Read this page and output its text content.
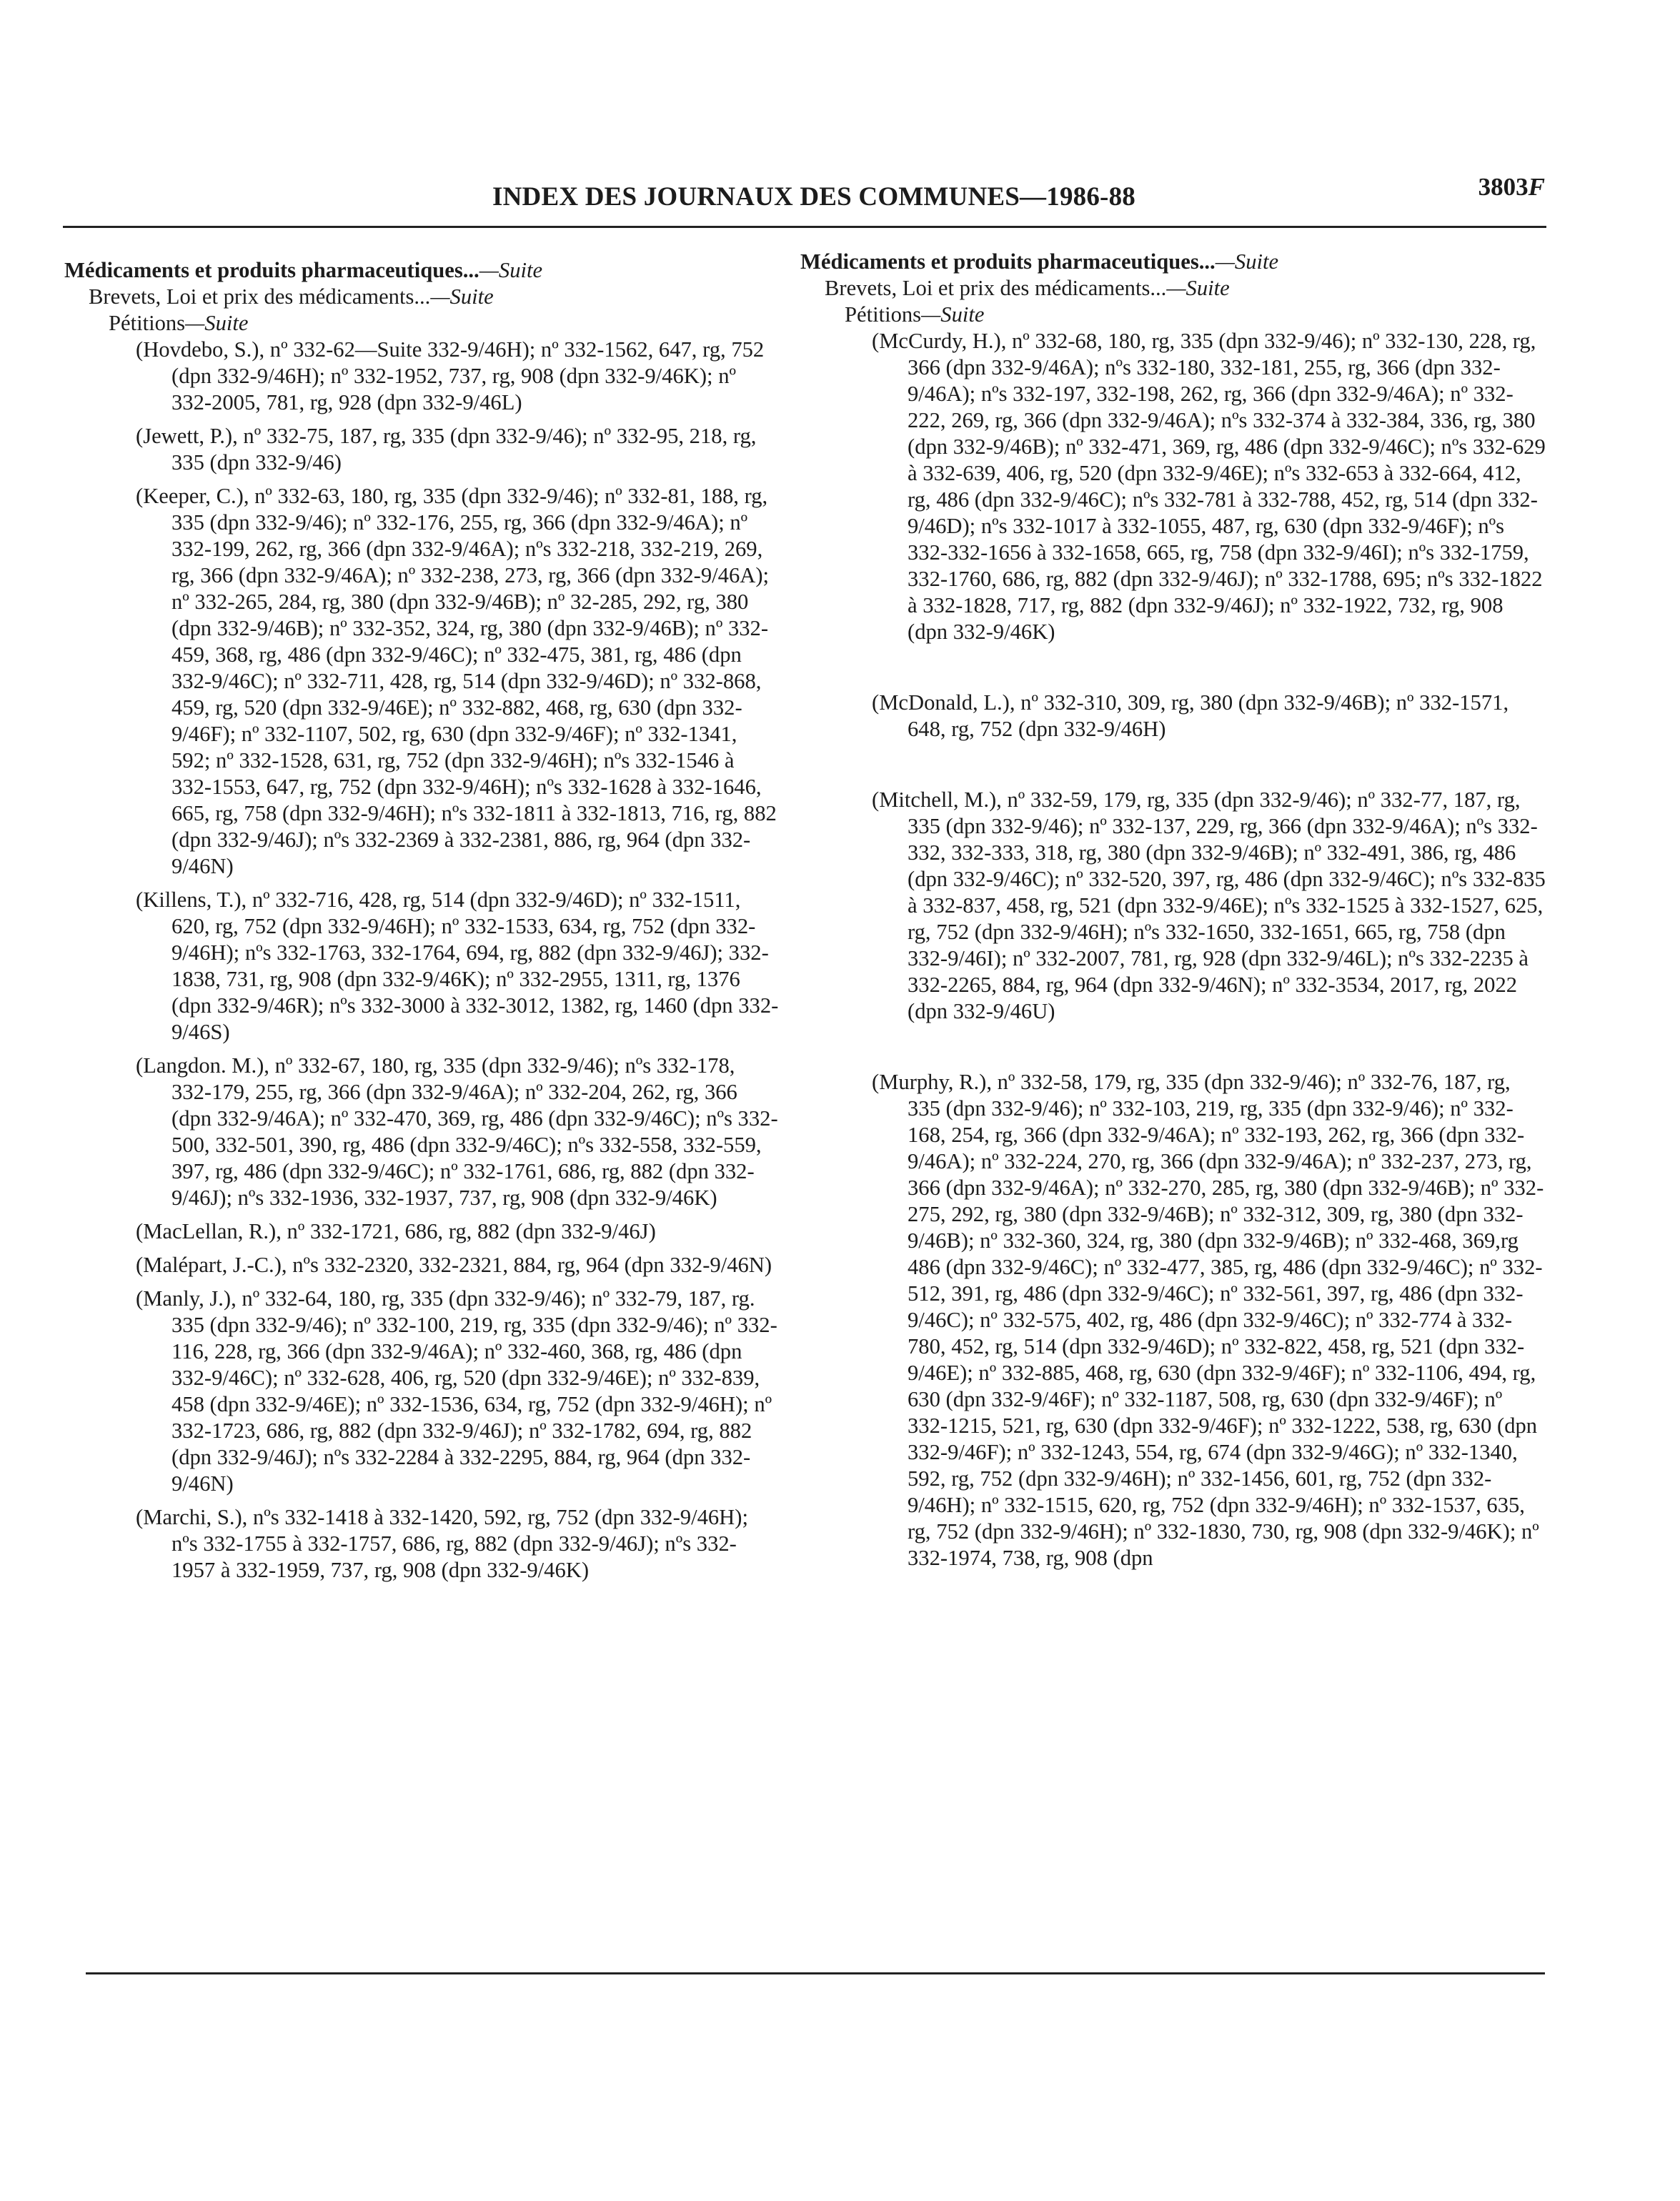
INDEX DES JOURNAUX DES COMMUNES—1986-88	3803F

Médicaments et produits pharmaceutiques...—Suite

Brevets, Loi et prix des médicaments...—Suite

Pétitions—Suite

(Hovdebo, S.), nº 332-62—Suite 332-9/46H); nº 332-1562, 647, rg, 752 (dpn 332-9/46H); nº 332-1952, 737, rg, 908 (dpn 332-9/46K); nº 332-2005, 781, rg, 928 (dpn 332-9/46L)

(Jewett, P.), nº 332-75, 187, rg, 335 (dpn 332-9/46); nº 332-95, 218, rg, 335 (dpn 332-9/46)

(Keeper, C.), nº 332-63, 180, rg, 335 (dpn 332-9/46); nº 332-81, 188, rg, 335 (dpn 332-9/46); nº 332-176, 255, rg, 366 (dpn 332-9/46A); nº 332-199, 262, rg, 366 (dpn 332-9/46A); nºs 332-218, 332-219, 269, rg, 366 (dpn 332-9/46A); nº 332-238, 273, rg, 366 (dpn 332-9/46A); nº 332-265, 284, rg, 380 (dpn 332-9/46B); nº 32-285, 292, rg, 380 (dpn 332-9/46B); nº 332-352, 324, rg, 380 (dpn 332-9/46B); nº 332-459, 368, rg, 486 (dpn 332-9/46C); nº 332-475, 381, rg, 486 (dpn 332-9/46C); nº 332-711, 428, rg, 514 (dpn 332-9/46D); nº 332-868, 459, rg, 520 (dpn 332-9/46E); nº 332-882, 468, rg, 630 (dpn 332-9/46F); nº 332-1107, 502, rg, 630 (dpn 332-9/46F); nº 332-1341, 592; nº 332-1528, 631, rg, 752 (dpn 332-9/46H); nºs 332-1546 à 332-1553, 647, rg, 752 (dpn 332-9/46H); nºs 332-1628 à 332-1646, 665, rg, 758 (dpn 332-9/46H); nºs 332-1811 à 332-1813, 716, rg, 882 (dpn 332-9/46J); nºs 332-2369 à 332-2381, 886, rg, 964 (dpn 332-9/46N)

(Killens, T.), nº 332-716, 428, rg, 514 (dpn 332-9/46D); nº 332-1511, 620, rg, 752 (dpn 332-9/46H); nº 332-1533, 634, rg, 752 (dpn 332-9/46H); nºs 332-1763, 332-1764, 694, rg, 882 (dpn 332-9/46J); 332-1838, 731, rg, 908 (dpn 332-9/46K); nº 332-2955, 1311, rg, 1376 (dpn 332-9/46R); nºs 332-3000 à 332-3012, 1382, rg, 1460 (dpn 332-9/46S)

(Langdon. M.), nº 332-67, 180, rg, 335 (dpn 332-9/46); nºs 332-178, 332-179, 255, rg, 366 (dpn 332-9/46A); nº 332-204, 262, rg, 366 (dpn 332-9/46A); nº 332-470, 369, rg, 486 (dpn 332-9/46C); nºs 332-500, 332-501, 390, rg, 486 (dpn 332-9/46C); nºs 332-558, 332-559, 397, rg, 486 (dpn 332-9/46C); nº 332-1761, 686, rg, 882 (dpn 332-9/46J); nºs 332-1936, 332-1937, 737, rg, 908 (dpn 332-9/46K)

(MacLellan, R.), nº 332-1721, 686, rg, 882 (dpn 332-9/46J)

(Malépart, J.-C.), nºs 332-2320, 332-2321, 884, rg, 964 (dpn 332-9/46N)

(Manly, J.), nº 332-64, 180, rg, 335 (dpn 332-9/46); nº 332-79, 187, rg. 335 (dpn 332-9/46); nº 332-100, 219, rg, 335 (dpn 332-9/46); nº 332-116, 228, rg, 366 (dpn 332-9/46A); nº 332-460, 368, rg, 486 (dpn 332-9/46C); nº 332-628, 406, rg, 520 (dpn 332-9/46E); nº 332-839, 458 (dpn 332-9/46E); nº 332-1536, 634, rg, 752 (dpn 332-9/46H); nº 332-1723, 686, rg, 882 (dpn 332-9/46J); nº 332-1782, 694, rg, 882 (dpn 332-9/46J); nºs 332-2284 à 332-2295, 884, rg, 964 (dpn 332-9/46N)

(Marchi, S.), nºs 332-1418 à 332-1420, 592, rg, 752 (dpn 332-9/46H); nºs 332-1755 à 332-1757, 686, rg, 882 (dpn 332-9/46J); nºs 332-1957 à 332-1959, 737, rg, 908 (dpn 332-9/46K)

Médicaments et produits pharmaceutiques...—Suite

Brevets, Loi et prix des médicaments...—Suite

Pétitions—Suite

(McCurdy, H.), nº 332-68, 180, rg, 335 (dpn 332-9/46); nº 332-130, 228, rg, 366 (dpn 332-9/46A); nºs 332-180, 332-181, 255, rg, 366 (dpn 332-9/46A); nºs 332-197, 332-198, 262, rg, 366 (dpn 332-9/46A); nº 332-222, 269, rg, 366 (dpn 332-9/46A); nºs 332-374 à 332-384, 336, rg, 380 (dpn 332-9/46B); nº 332-471, 369, rg, 486 (dpn 332-9/46C); nºs 332-629 à 332-639, 406, rg, 520 (dpn 332-9/46E); nºs 332-653 à 332-664, 412, rg, 486 (dpn 332-9/46C); nºs 332-781 à 332-788, 452, rg, 514 (dpn 332-9/46D); nºs 332-1017 à 332-1055, 487, rg, 630 (dpn 332-9/46F); nºs 332-332-1656 à 332-1658, 665, rg, 758 (dpn 332-9/46I); nºs 332-1759, 332-1760, 686, rg, 882 (dpn 332-9/46J); nº 332-1788, 695; nºs 332-1822 à 332-1828, 717, rg, 882 (dpn 332-9/46J); nº 332-1922, 732, rg, 908 (dpn 332-9/46K)

(McDonald, L.), nº 332-310, 309, rg, 380 (dpn 332-9/46B); nº 332-1571, 648, rg, 752 (dpn 332-9/46H)

(Mitchell, M.), nº 332-59, 179, rg, 335 (dpn 332-9/46); nº 332-77, 187, rg, 335 (dpn 332-9/46); nº 332-137, 229, rg, 366 (dpn 332-9/46A); nºs 332-332, 332-333, 318, rg, 380 (dpn 332-9/46B); nº 332-491, 386, rg, 486 (dpn 332-9/46C); nº 332-520, 397, rg, 486 (dpn 332-9/46C); nºs 332-835 à 332-837, 458, rg, 521 (dpn 332-9/46E); nºs 332-1525 à 332-1527, 625, rg, 752 (dpn 332-9/46H); nºs 332-1650, 332-1651, 665, rg, 758 (dpn 332-9/46I); nº 332-2007, 781, rg, 928 (dpn 332-9/46L); nºs 332-2235 à 332-2265, 884, rg, 964 (dpn 332-9/46N); nº 332-3534, 2017, rg, 2022 (dpn 332-9/46U)

(Murphy, R.), nº 332-58, 179, rg, 335 (dpn 332-9/46); nº 332-76, 187, rg, 335 (dpn 332-9/46); nº 332-103, 219, rg, 335 (dpn 332-9/46); nº 332-168, 254, rg, 366 (dpn 332-9/46A); nº 332-193, 262, rg, 366 (dpn 332-9/46A); nº 332-224, 270, rg, 366 (dpn 332-9/46A); nº 332-237, 273, rg, 366 (dpn 332-9/46A); nº 332-270, 285, rg, 380 (dpn 332-9/46B); nº 332-275, 292, rg, 380 (dpn 332-9/46B); nº 332-312, 309, rg, 380 (dpn 332-9/46B); nº 332-360, 324, rg, 380 (dpn 332-9/46B); nº 332-468, 369,rg 486 (dpn 332-9/46C); nº 332-477, 385, rg, 486 (dpn 332-9/46C); nº 332-512, 391, rg, 486 (dpn 332-9/46C); nº 332-561, 397, rg, 486 (dpn 332-9/46C); nº 332-575, 402, rg, 486 (dpn 332-9/46C); nº 332-774 à 332-780, 452, rg, 514 (dpn 332-9/46D); nº 332-822, 458, rg, 521 (dpn 332-9/46E); nº 332-885, 468, rg, 630 (dpn 332-9/46F); nº 332-1106, 494, rg, 630 (dpn 332-9/46F); nº 332-1187, 508, rg, 630 (dpn 332-9/46F); nº 332-1215, 521, rg, 630 (dpn 332-9/46F); nº 332-1222, 538, rg, 630 (dpn 332-9/46F); nº 332-1243, 554, rg, 674 (dpn 332-9/46G); nº 332-1340, 592, rg, 752 (dpn 332-9/46H); nº 332-1456, 601, rg, 752 (dpn 332-9/46H); nº 332-1515, 620, rg, 752 (dpn 332-9/46H); nº 332-1537, 635, rg, 752 (dpn 332-9/46H); nº 332-1830, 730, rg, 908 (dpn 332-9/46K); nº 332-1974, 738, rg, 908 (dpn
